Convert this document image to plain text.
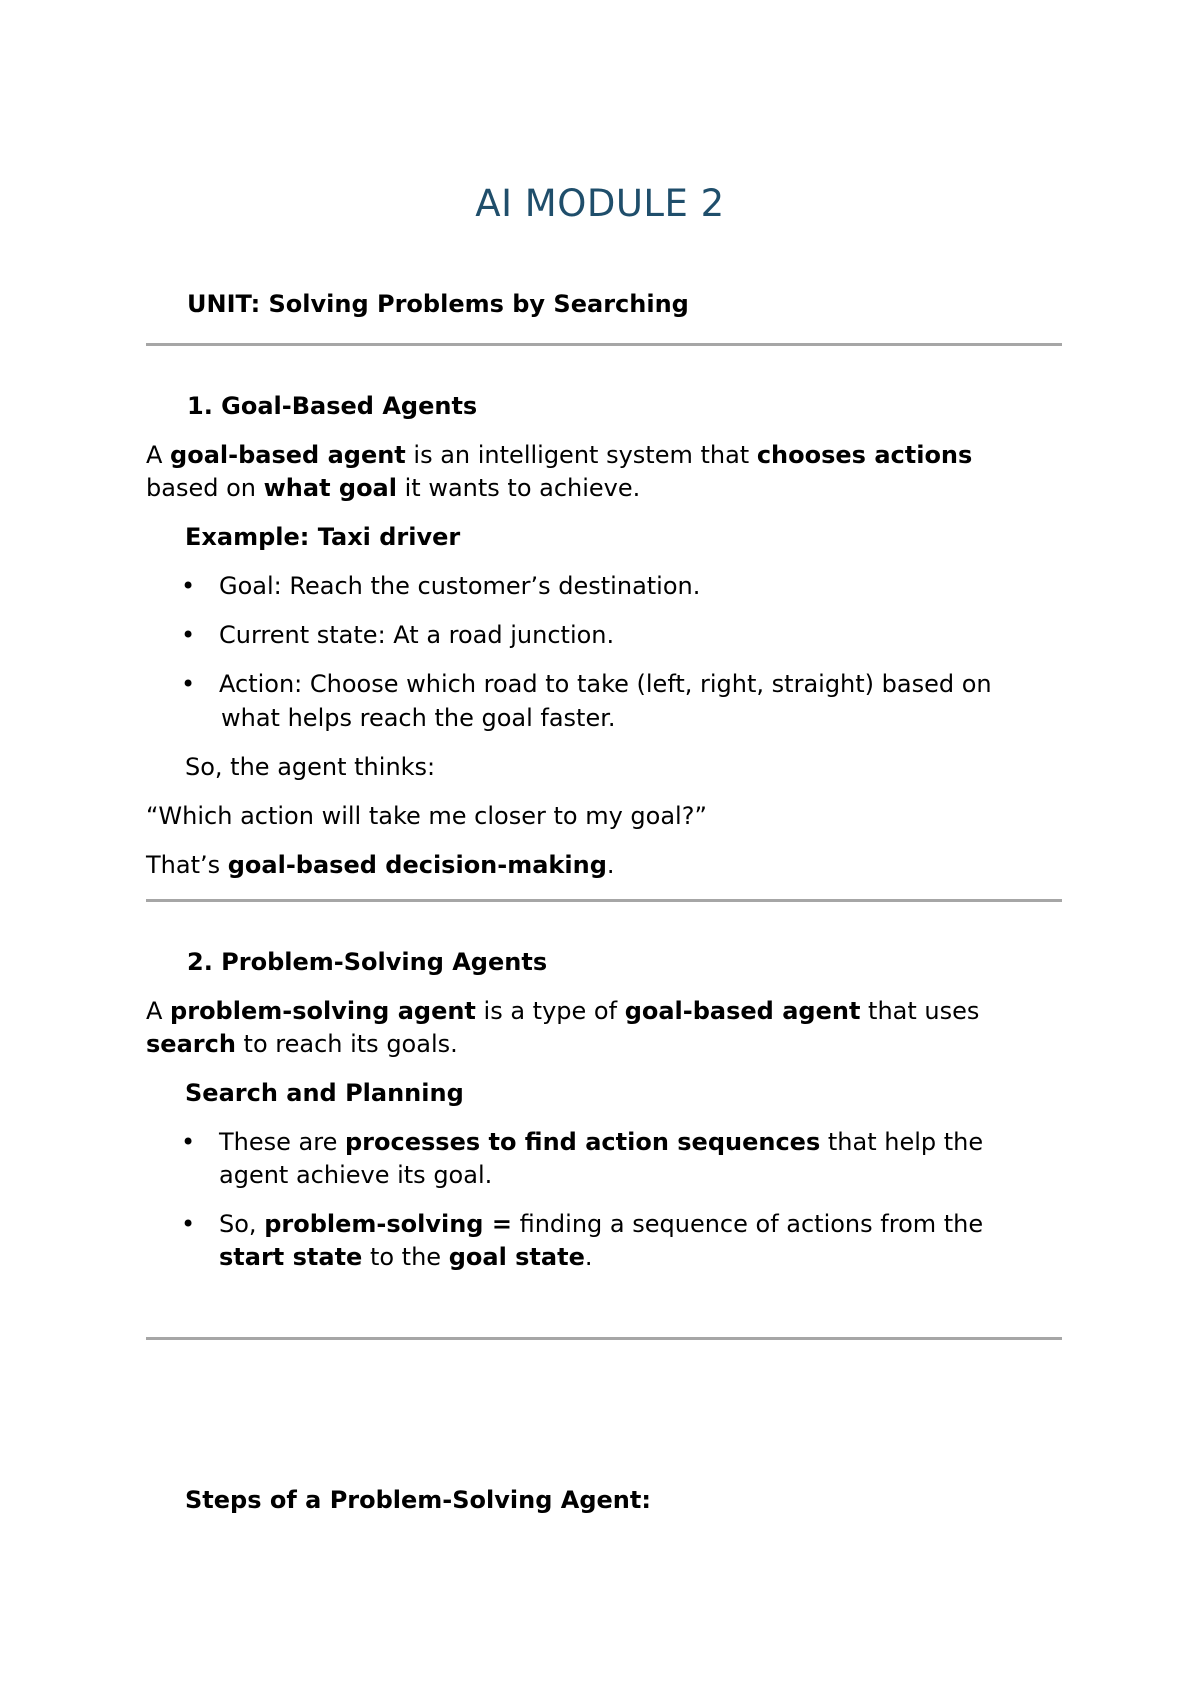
AI MODULE 2
UNIT: Solving Problems by Searching
1. Goal-Based Agents
A goal-based agent is an intelligent system that chooses actions
based on what goal it wants to achieve.
Example: Taxi driver
• Goal: Reach the customer’s destination.
• Current state: At a road junction.
• Action: Choose which road to take (left, right, straight) based on
what helps reach the goal faster.
So, the agent thinks:
“Which action will take me closer to my goal?”
That’s goal-based decision-making.
2. Problem-Solving Agents
A problem-solving agent is a type of goal-based agent that uses
search to reach its goals.
Search and Planning
• These are processes to find action sequences that help the
agent achieve its goal.
• So, problem-solving = finding a sequence of actions from the
start state to the goal state.
Steps of a Problem-Solving Agent:
